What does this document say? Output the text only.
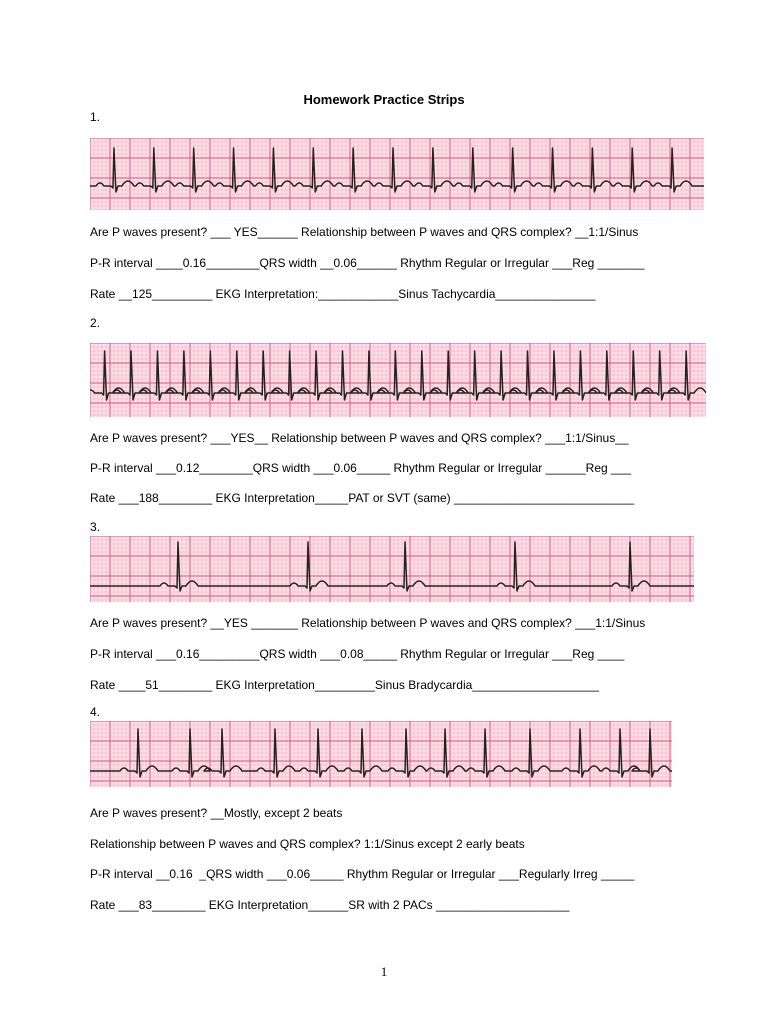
Homework Practice Strips
1.
Are P waves present? ___ YES______ Relationship between P waves and QRS complex? __1:1/Sinus
P-R interval ____0.16________QRS width __0.06______ Rhythm Regular or Irregular ___Reg _______
Rate __125_________ EKG Interpretation:____________Sinus Tachycardia_______________
2.
Are P waves present? ___YES__ Relationship between P waves and QRS complex? ___1:1/Sinus__
P-R interval ___0.12________QRS width ___0.06_____ Rhythm Regular or Irregular ______Reg ___
Rate ___188________ EKG Interpretation_____PAT or SVT (same) ___________________________
3.
Are P waves present? __YES _______ Relationship between P waves and QRS complex? ___1:1/Sinus
P-R interval ___0.16_________QRS width ___0.08_____ Rhythm Regular or Irregular ___Reg ____
Rate ____51________ EKG Interpretation_________Sinus Bradycardia___________________
4.
Are P waves present? __Mostly, except 2 beats
Relationship between P waves and QRS complex? 1:1/Sinus except 2 early beats
P-R interval __0.16  _QRS width ___0.06_____ Rhythm Regular or Irregular ___Regularly Irreg _____
Rate ___83________ EKG Interpretation______SR with 2 PACs ____________________
1
